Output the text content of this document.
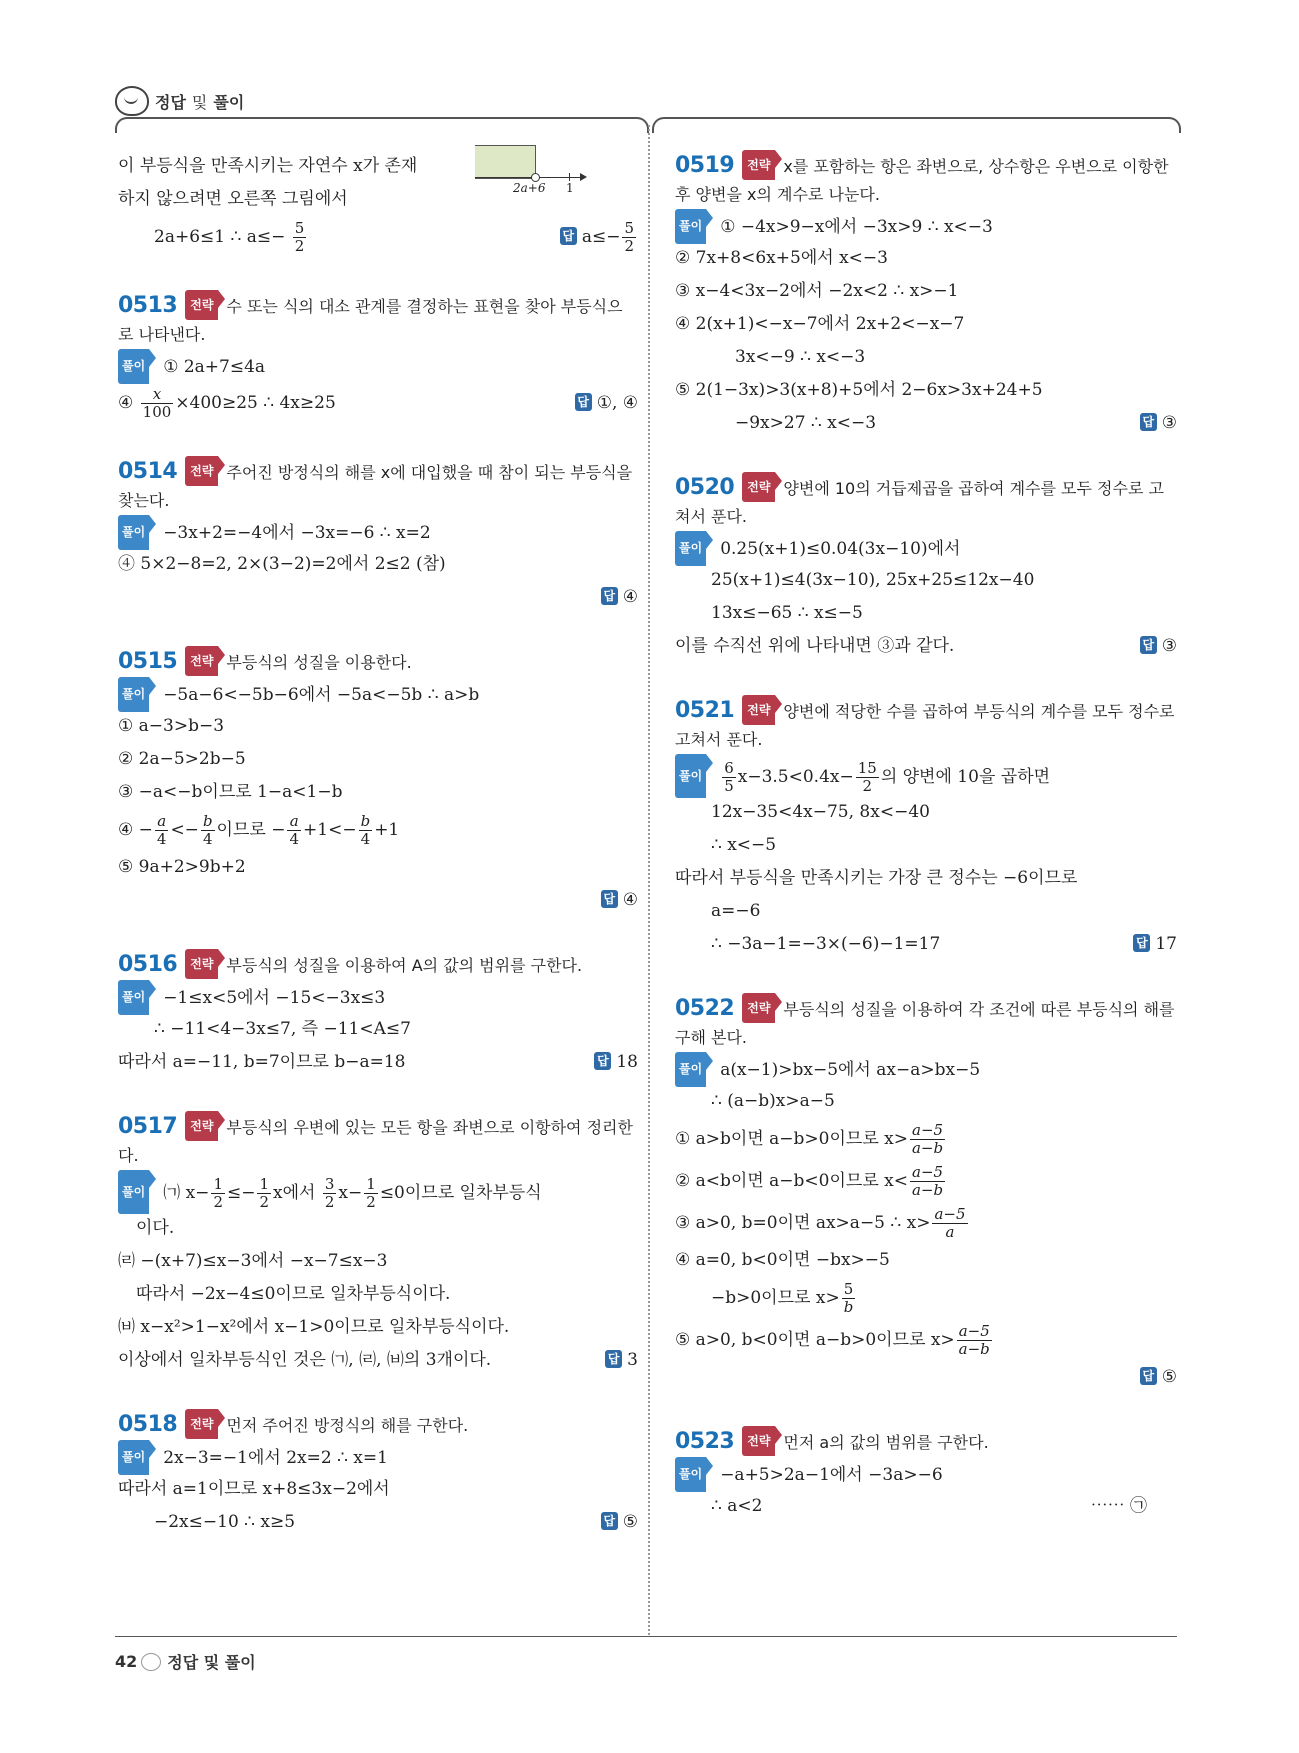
정답 및 풀이
2a+6 1
이 부등식을 만족시키는 자연수 x가 존재
하지 않으려면 오른쪽 그림에서
2a+6≤1 ∴ $a\le- \frac{5}{2}$	답 $a\le- \frac{5}{2}$
0513 전략 수 또는 식의 대소 관계를 결정하는 표현을 찾아 부등식으로 나타낸다.
풀이 ① 2a+7≤4a
④ $\frac{x}{100} \times 400\ge 25$ ∴ 4x≥25	답 ①, ④
0514 전략 주어진 방정식의 해를 x에 대입했을 때 참이 되는 부등식을 찾는다.
풀이 −3x+2=−4에서 −3x=−6 ∴ x=2
④ 5×2−8=2, 2×(3−2)=2에서 2≤2 (참)
답 ④
0515 전략 부등식의 성질을 이용한다.
풀이 −5a−6<−5b−6에서 −5a<−5b ∴ a>b
① a−3>b−3
② 2a−5>2b−5
③ −a<−b이므로 1−a<1−b
④ − $\frac{a}{4} <- \frac{b}{4}$ 이므로 − $\frac{a}{4} +1<- \frac{b}{4} +1$
⑤ 9a+2>9b+2
답 ④
0516 전략 부등식의 성질을 이용하여 A의 값의 범위를 구한다.
풀이 −1≤x<5에서 −15<−3x≤3
∴ −11<4−3x≤7, 즉 −11<A≤7
따라서 a=−11, b=7이므로 b−a=18	답 18
0517 전략 부등식의 우변에 있는 모든 항을 좌변으로 이항하여 정리한다.
풀이 ㈀ $x- \frac{1}{2} \le- \frac{1}{2}$ x에서 $\frac{3}{2} x- \frac{1}{2} \le 0$이므로 일차부등식
이다.
㈃ −(x+7)≤x−3에서 −x−7≤x−3
따라서 −2x−4≤0이므로 일차부등식이다.
㈅ x−x²>1−x²에서 x−1>0이므로 일차부등식이다.
이상에서 일차부등식인 것은 ㈀, ㈃, ㈅의 3개이다.	답 3
0518 전략 먼저 주어진 방정식의 해를 구한다.
풀이 2x−3=−1에서 2x=2 ∴ x=1
따라서 a=1이므로 x+8≤3x−2에서
−2x≤−10 ∴ x≥5	답 ⑤
0519 전략 x를 포함하는 항은 좌변으로, 상수항은 우변으로 이항한 후 양변을 x의 계수로 나눈다.
풀이 ① −4x>9−x에서 −3x>9 ∴ x<−3
② 7x+8<6x+5에서 x<−3
③ x−4<3x−2에서 −2x<2 ∴ x>−1
④ 2(x+1)<−x−7에서 2x+2<−x−7
3x<−9 ∴ x<−3
⑤ 2(1−3x)>3(x+8)+5에서 2−6x>3x+24+5
−9x>27 ∴ x<−3	답 ③
0520 전략 양변에 10의 거듭제곱을 곱하여 계수를 모두 정수로 고쳐서 푼다.
풀이 0.25(x+1)≤0.04(3x−10)에서
25(x+1)≤4(3x−10), 25x+25≤12x−40
13x≤−65 ∴ x≤−5
이를 수직선 위에 나타내면 ③과 같다.	답 ③
0521 전략 양변에 적당한 수를 곱하여 부등식의 계수를 모두 정수로 고쳐서 푼다.
풀이 $\frac{6}{5} x-3.5<0.4x- \frac{15}{2}$ 의 양변에 10을 곱하면
12x−35<4x−75, 8x<−40
∴ x<−5
따라서 부등식을 만족시키는 가장 큰 정수는 −6이므로
a=−6
∴ −3a−1=−3×(−6)−1=17	답 17
0522 전략 부등식의 성질을 이용하여 각 조건에 따른 부등식의 해를 구해 본다.
풀이 a(x−1)>bx−5에서 ax−a>bx−5
∴ (a−b)x>a−5
① a>b이면 a−b>0이므로 $x> \frac{a-5}{a-b}$
② a<b이면 a−b<0이므로 $x< \frac{a-5}{a-b}$
③ a>0, b=0이면 ax>a−5 ∴ $x> \frac{a-5}{a}$
④ a=0, b<0이면 −bx>−5
−b>0이므로 $x> \frac{5}{b}$
⑤ a>0, b<0이면 a−b>0이므로 $x> \frac{a-5}{a-b}$
답 ⑤
0523 전략 먼저 a의 값의 범위를 구한다.
풀이 −a+5>2a−1에서 −3a>−6
∴ a<2	⋯⋯ ㉠
42 정답 및 풀이
